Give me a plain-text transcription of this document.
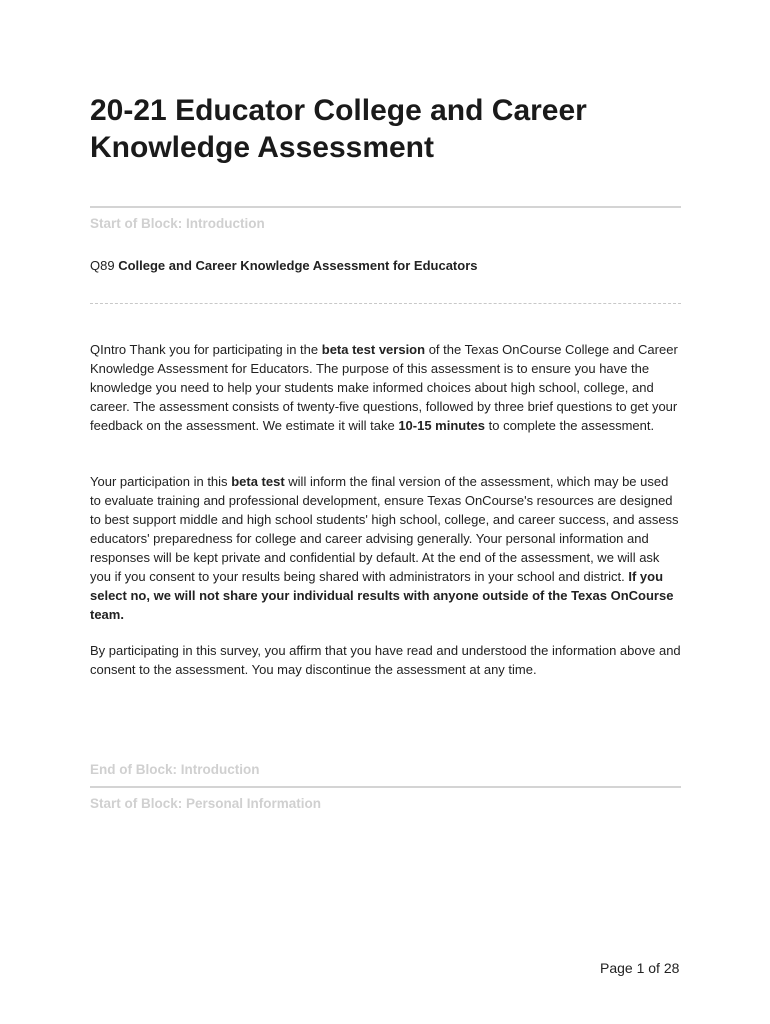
20-21 Educator College and Career Knowledge Assessment
Start of Block: Introduction
Q89 College and Career Knowledge Assessment for Educators

QIntro Thank you for participating in the beta test version of the Texas OnCourse College and Career Knowledge Assessment for Educators. The purpose of this assessment is to ensure you have the knowledge you need to help your students make informed choices about high school, college, and career. The assessment consists of twenty-five questions, followed by three brief questions to get your feedback on the assessment. We estimate it will take 10-15 minutes to complete the assessment.

Your participation in this beta test will inform the final version of the assessment, which may be used to evaluate training and professional development, ensure Texas OnCourse's resources are designed to best support middle and high school students' high school, college, and career success, and assess educators' preparedness for college and career advising generally. Your personal information and responses will be kept private and confidential by default. At the end of the assessment, we will ask you if you consent to your results being shared with administrators in your school and district. If you select no, we will not share your individual results with anyone outside of the Texas OnCourse team.

By participating in this survey, you affirm that you have read and understood the information above and consent to the assessment. You may discontinue the assessment at any time.

End of Block: Introduction
Start of Block: Personal Information
Page 1 of 28
